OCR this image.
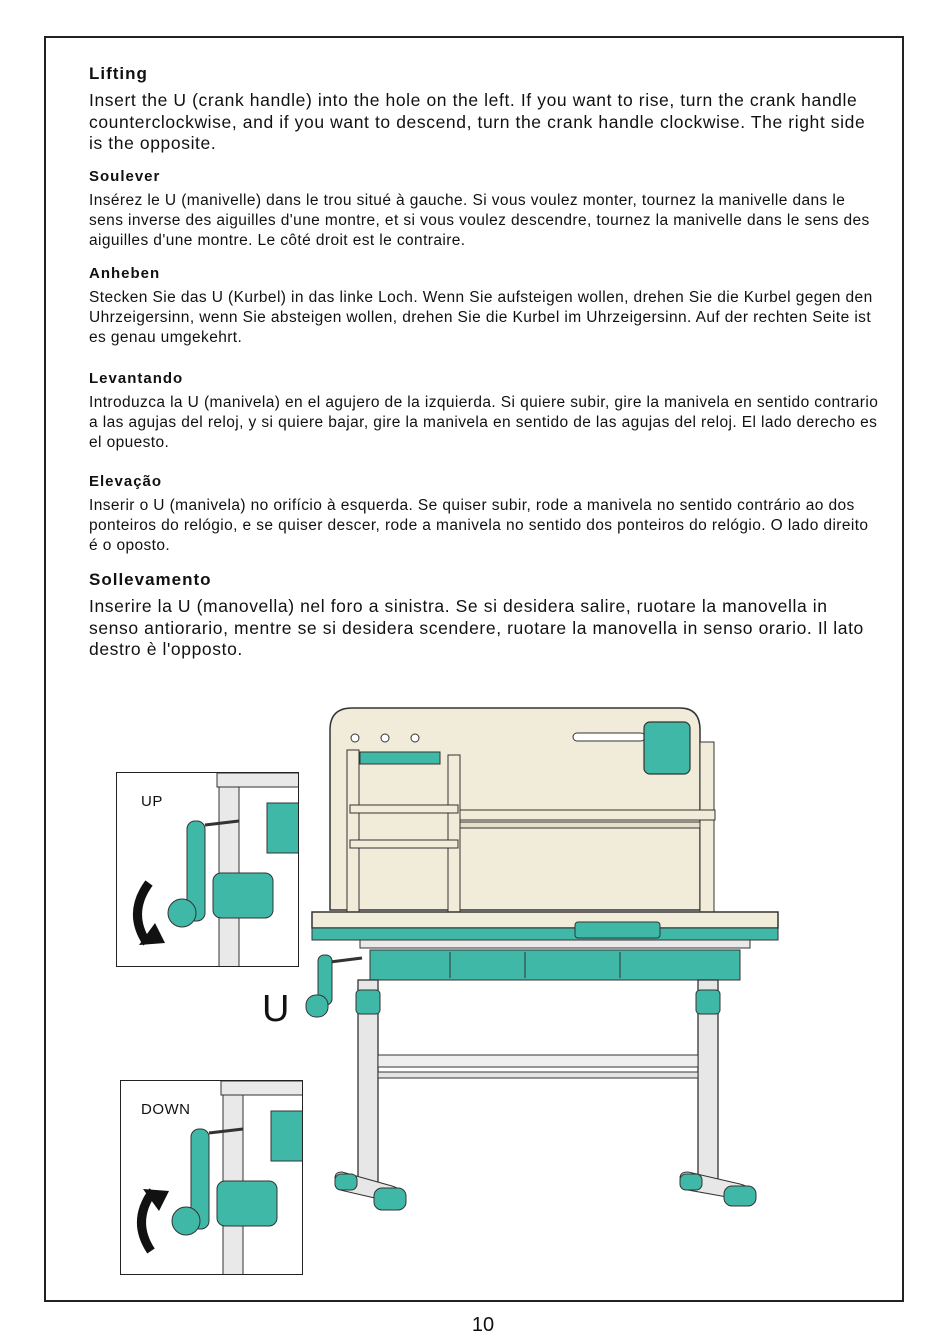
Lifting

Insert the U (crank handle) into the hole on the left. If you want to rise, turn the crank handle counterclockwise, and if you want to descend, turn the crank handle clockwise. The right side is the opposite.

Soulever

Insérez le U (manivelle) dans le trou situé à gauche. Si vous voulez monter, tournez la manivelle dans le sens inverse des aiguilles d'une montre, et si vous voulez descendre, tournez la manivelle dans le sens des aiguilles d'une montre. Le côté droit est le contraire.

Anheben

Stecken Sie das U (Kurbel) in das linke Loch. Wenn Sie aufsteigen wollen, drehen Sie die Kurbel gegen den Uhrzeigersinn, wenn Sie absteigen wollen, drehen Sie die Kurbel im Uhrzeigersinn. Auf der rechten Seite ist es genau umgekehrt.

Levantando

Introduzca la U (manivela) en el agujero de la izquierda. Si quiere subir, gire la manivela en sentido contrario a las agujas del reloj, y si quiere bajar, gire la manivela en sentido de las agujas del reloj. El lado derecho es el opuesto.

Elevação

Inserir o U (manivela) no orifício à esquerda. Se quiser subir, rode a manivela no sentido contrário ao dos ponteiros do relógio, e se quiser descer, rode a manivela no sentido dos ponteiros do relógio. O lado direito é o oposto.

Sollevamento

Inserire la U (manovella) nel foro a sinistra. Se si desidera salire, ruotare la manovella in senso antiorario, mentre se si desidera scendere, ruotare la manovella in senso orario. Il lato destro è l'opposto.

U
UP
DOWN
10
